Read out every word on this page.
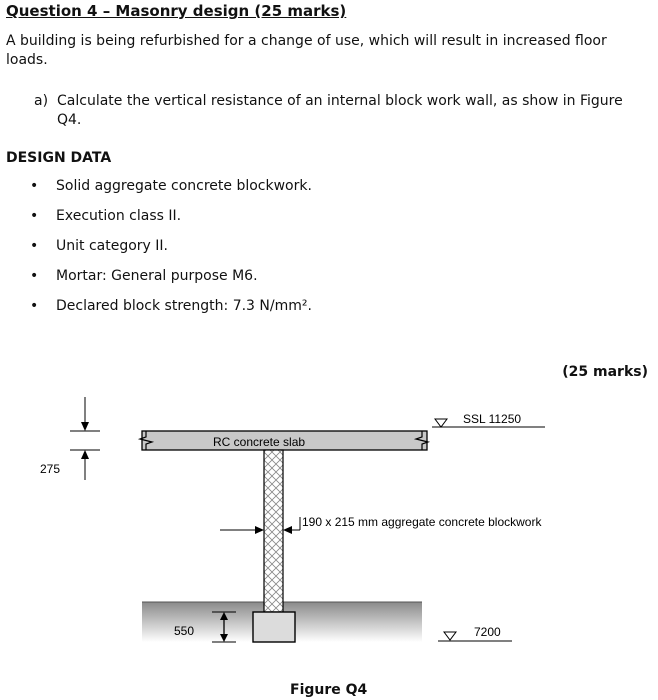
Question 4 – Masonry design (25 marks)
A building is being refurbished for a change of use, which will result in increased floor loads.
a) Calculate the vertical resistance of an internal block work wall, as show in Figure
Q4.
DESIGN DATA
• Solid aggregate concrete blockwork.
• Execution class II.
• Unit category II.
• Mortar: General purpose M6.
• Declared block strength: 7.3 N/mm².
(25 marks)
RC concrete slab
275
SSL 11250
190 x 215 mm aggregate concrete blockwork
550	7200
Figure Q4
